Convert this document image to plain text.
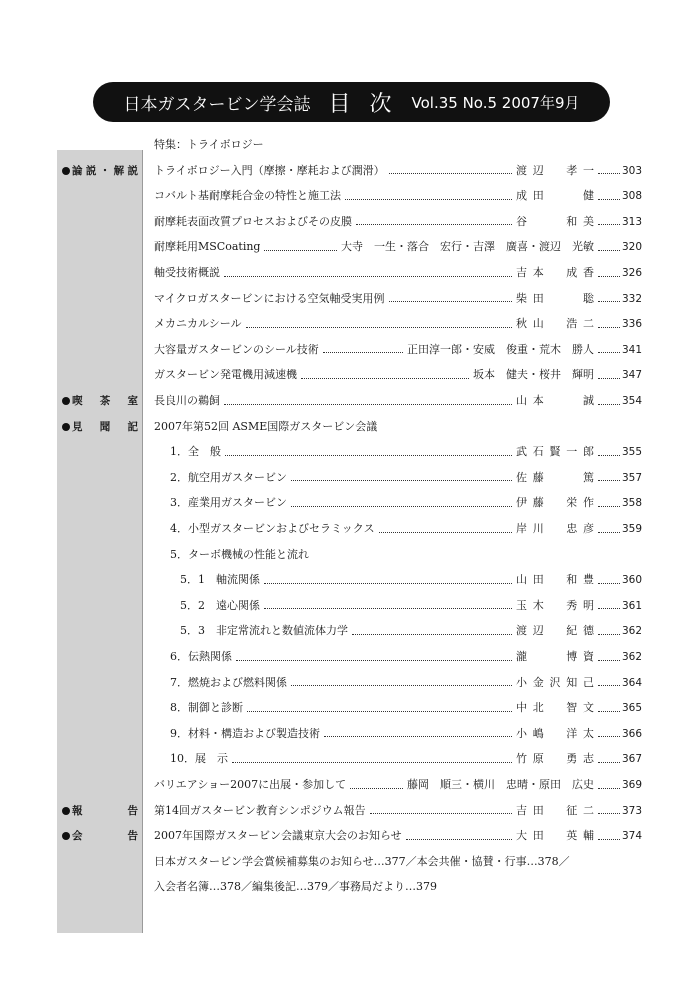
日本ガスタービン学会誌 目 次 Vol.35 No.5 2007年9月
論 説 ・ 解 説
喫 茶 室
見 聞 記
報	告
会	告
特集：トライボロジー
トライボロジー入門（摩擦・摩耗および潤滑）	渡辺　孝一	303
コバルト基耐摩耗合金の特性と施工法	成田　　健	308
耐摩耗表面改質プロセスおよびその皮膜	谷　　和美	313
耐摩耗用MSCoating	大寺　一生・落合　宏行・吉澤　廣喜・渡辺　光敏	320
軸受技術概説	吉本　成香	326
マイクロガスタービンにおける空気軸受実用例	柴田　　聡	332
メカニカルシール	秋山　浩二	336
大容量ガスタービンのシール技術	正田淳一郎・安威　俊重・荒木　勝人	341
ガスタービン発電機用減速機	坂本　健夫・桜井　輝明	347
長良川の鵜飼	山本　　誠	354
2007年第52回 ASME国際ガスタービン会議
1．全　般	武石賢一郎	355
2．航空用ガスタービン	佐藤　　篤	357
3．産業用ガスタービン	伊藤　栄作	358
4．小型ガスタービンおよびセラミックス	岸川　忠彦	359
5．ターボ機械の性能と流れ
5．1　軸流関係	山田　和豊	360
5．2　遠心関係	玉木　秀明	361
5．3　非定常流れと数値流体力学	渡辺　紀德	362
6．伝熱関係	瀧　　博資	362
7．燃焼および燃料関係	小金沢知己	364
8．制御と診断	中北　智文	365
9．材料・構造および製造技術	小嶋　洋太	366
10．展　示	竹原　勇志	367
バリエアショー2007に出展・参加して	藤岡　順三・横川　忠晴・原田　広史	369
第14回ガスタービン教育シンポジウム報告	吉田　征二	373
2007年国際ガスタービン会議東京大会のお知らせ	大田　英輔	374
日本ガスタービン学会賞候補募集のお知らせ…377／本会共催・協賛・行事…378／
入会者名簿…378／編集後記…379／事務局だより…379
